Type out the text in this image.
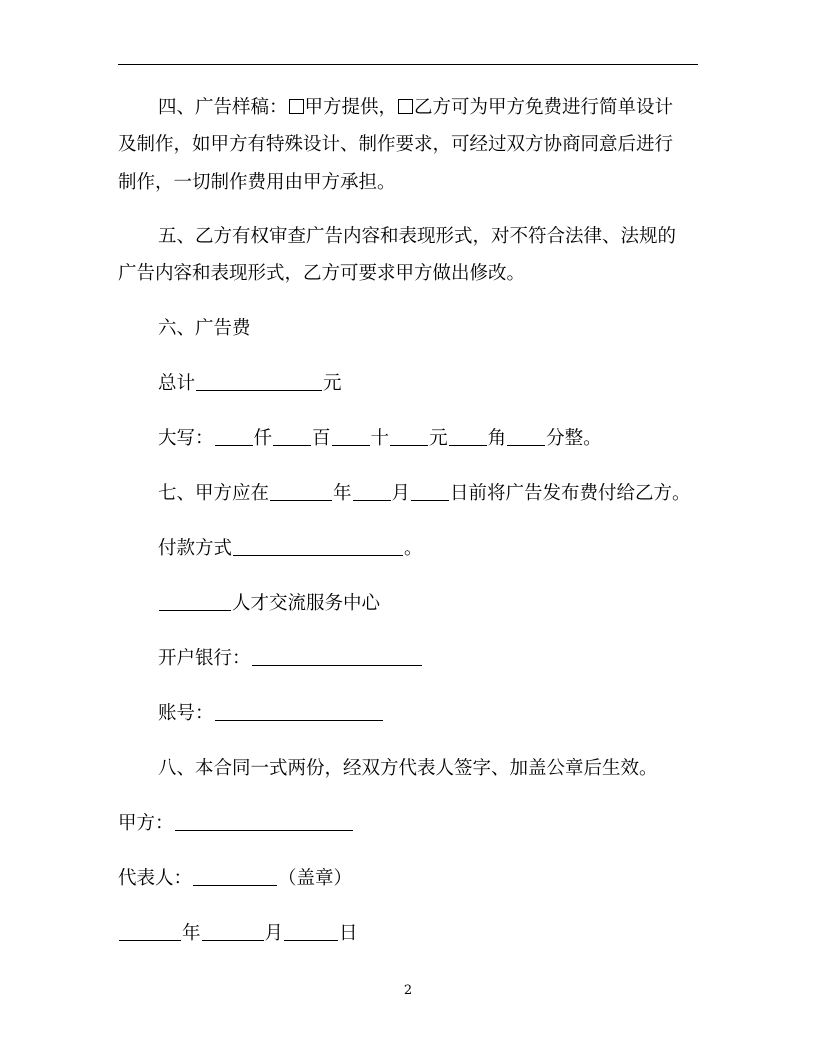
四、广告样稿： 甲方提供， 乙方可为甲方免费进行简单设计
及制作，如甲方有特殊设计、制作要求，可经过双方协商同意后进行
制作，一切制作费用由甲方承担。
五、乙方有权审查广告内容和表现形式，对不符合法律、法规的
广告内容和表现形式，乙方可要求甲方做出修改。
六、广告费
总计	元
大写： 仟 百 十 元 角 分整。
七、甲方应在	年 月 日前将广告发布费付给乙方。
付款方式	。
人才交流服务中心
开户银行：
账号：
八、本合同一式两份，经双方代表人签字、加盖公章后生效。
甲方：
代表人：	（盖章）
年	月	日
2
